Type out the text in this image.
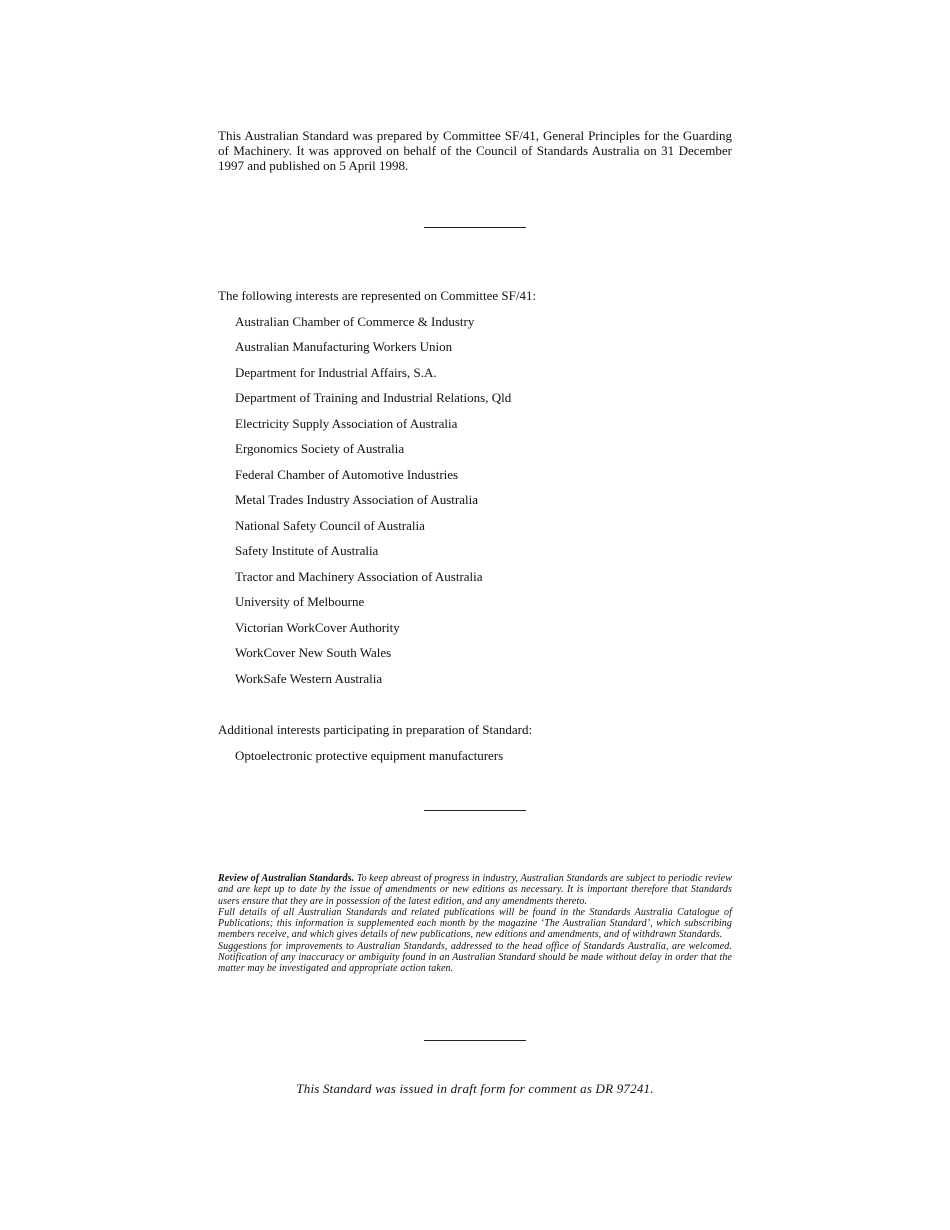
This Australian Standard was prepared by Committee SF/41, General Principles for the Guarding of Machinery. It was approved on behalf of the Council of Standards Australia on 31 December 1997 and published on 5 April 1998.

The following interests are represented on Committee SF/41:

Australian Chamber of Commerce & Industry
Australian Manufacturing Workers Union
Department for Industrial Affairs, S.A.
Department of Training and Industrial Relations, Qld
Electricity Supply Association of Australia
Ergonomics Society of Australia
Federal Chamber of Automotive Industries
Metal Trades Industry Association of Australia
National Safety Council of Australia
Safety Institute of Australia
Tractor and Machinery Association of Australia
University of Melbourne
Victorian WorkCover Authority
WorkCover New South Wales
WorkSafe Western Australia

Additional interests participating in preparation of Standard:

Optoelectronic protective equipment manufacturers

Review of Australian Standards. To keep abreast of progress in industry, Australian Standards are subject to periodic review and are kept up to date by the issue of amendments or new editions as necessary. It is important therefore that Standards users ensure that they are in possession of the latest edition, and any amendments thereto.

Full details of all Australian Standards and related publications will be found in the Standards Australia Catalogue of Publications; this information is supplemented each month by the magazine ‘The Australian Standard’, which subscribing members receive, and which gives details of new publications, new editions and amendments, and of withdrawn Standards.

Suggestions for improvements to Australian Standards, addressed to the head office of Standards Australia, are welcomed. Notification of any inaccuracy or ambiguity found in an Australian Standard should be made without delay in order that the matter may be investigated and appropriate action taken.

This Standard was issued in draft form for comment as DR 97241.
